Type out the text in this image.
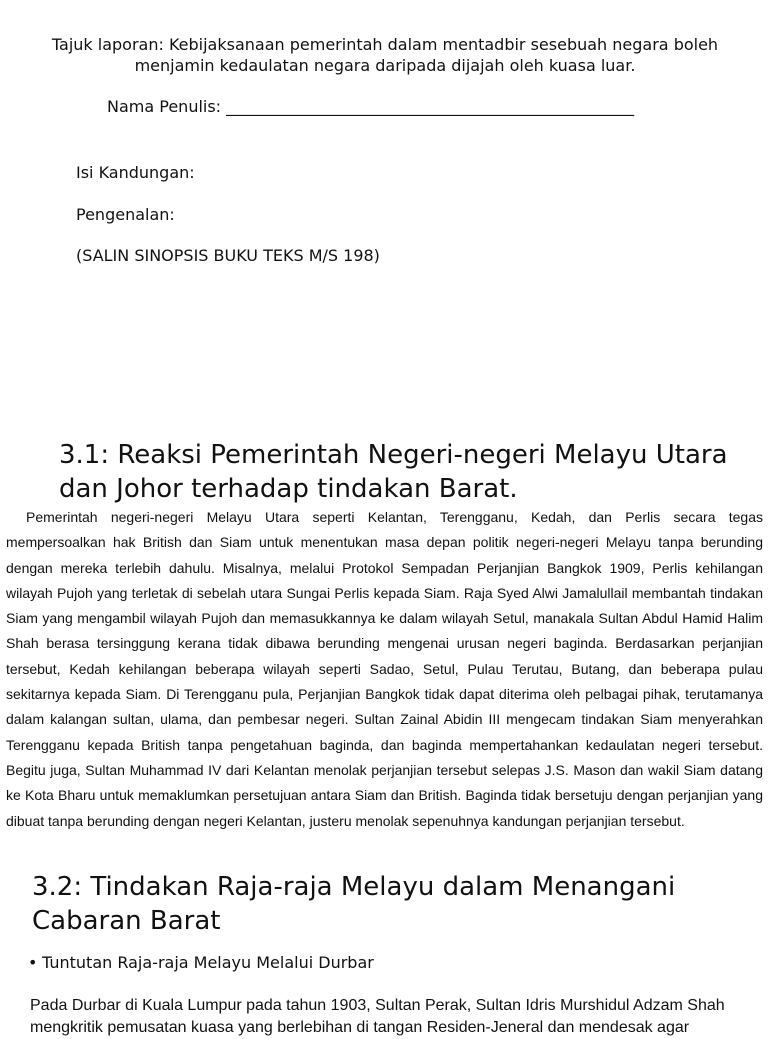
Tajuk laporan: Kebijaksanaan pemerintah dalam mentadbir sesebuah negara boleh menjamin kedaulatan negara daripada dijajah oleh kuasa luar.
Nama Penulis: ___________________________________________________
Isi Kandungan:
Pengenalan:
(SALIN SINOPSIS BUKU TEKS M/S 198)
3.1: Reaksi Pemerintah Negeri-negeri Melayu Utara dan Johor terhadap tindakan Barat.
Pemerintah negeri-negeri Melayu Utara seperti Kelantan, Terengganu, Kedah, dan Perlis secara tegas mempersoalkan hak British dan Siam untuk menentukan masa depan politik negeri-negeri Melayu tanpa berunding dengan mereka terlebih dahulu. Misalnya, melalui Protokol Sempadan Perjanjian Bangkok 1909, Perlis kehilangan wilayah Pujoh yang terletak di sebelah utara Sungai Perlis kepada Siam. Raja Syed Alwi Jamalullail membantah tindakan Siam yang mengambil wilayah Pujoh dan memasukkannya ke dalam wilayah Setul, manakala Sultan Abdul Hamid Halim Shah berasa tersinggung kerana tidak dibawa berunding mengenai urusan negeri baginda. Berdasarkan perjanjian tersebut, Kedah kehilangan beberapa wilayah seperti Sadao, Setul, Pulau Terutau, Butang, dan beberapa pulau sekitarnya kepada Siam. Di Terengganu pula, Perjanjian Bangkok tidak dapat diterima oleh pelbagai pihak, terutamanya dalam kalangan sultan, ulama, dan pembesar negeri. Sultan Zainal Abidin III mengecam tindakan Siam menyerahkan Terengganu kepada British tanpa pengetahuan baginda, dan baginda mempertahankan kedaulatan negeri tersebut. Begitu juga, Sultan Muhammad IV dari Kelantan menolak perjanjian tersebut selepas J.S. Mason dan wakil Siam datang ke Kota Bharu untuk memaklumkan persetujuan antara Siam dan British. Baginda tidak bersetuju dengan perjanjian yang dibuat tanpa berunding dengan negeri Kelantan, justeru menolak sepenuhnya kandungan perjanjian tersebut.
3.2: Tindakan Raja-raja Melayu dalam Menangani Cabaran Barat
• Tuntutan Raja-raja Melayu Melalui Durbar
Pada Durbar di Kuala Lumpur pada tahun 1903, Sultan Perak, Sultan Idris Murshidul Adzam Shah mengkritik pemusatan kuasa yang berlebihan di tangan Residen-Jeneral dan mendesak agar
